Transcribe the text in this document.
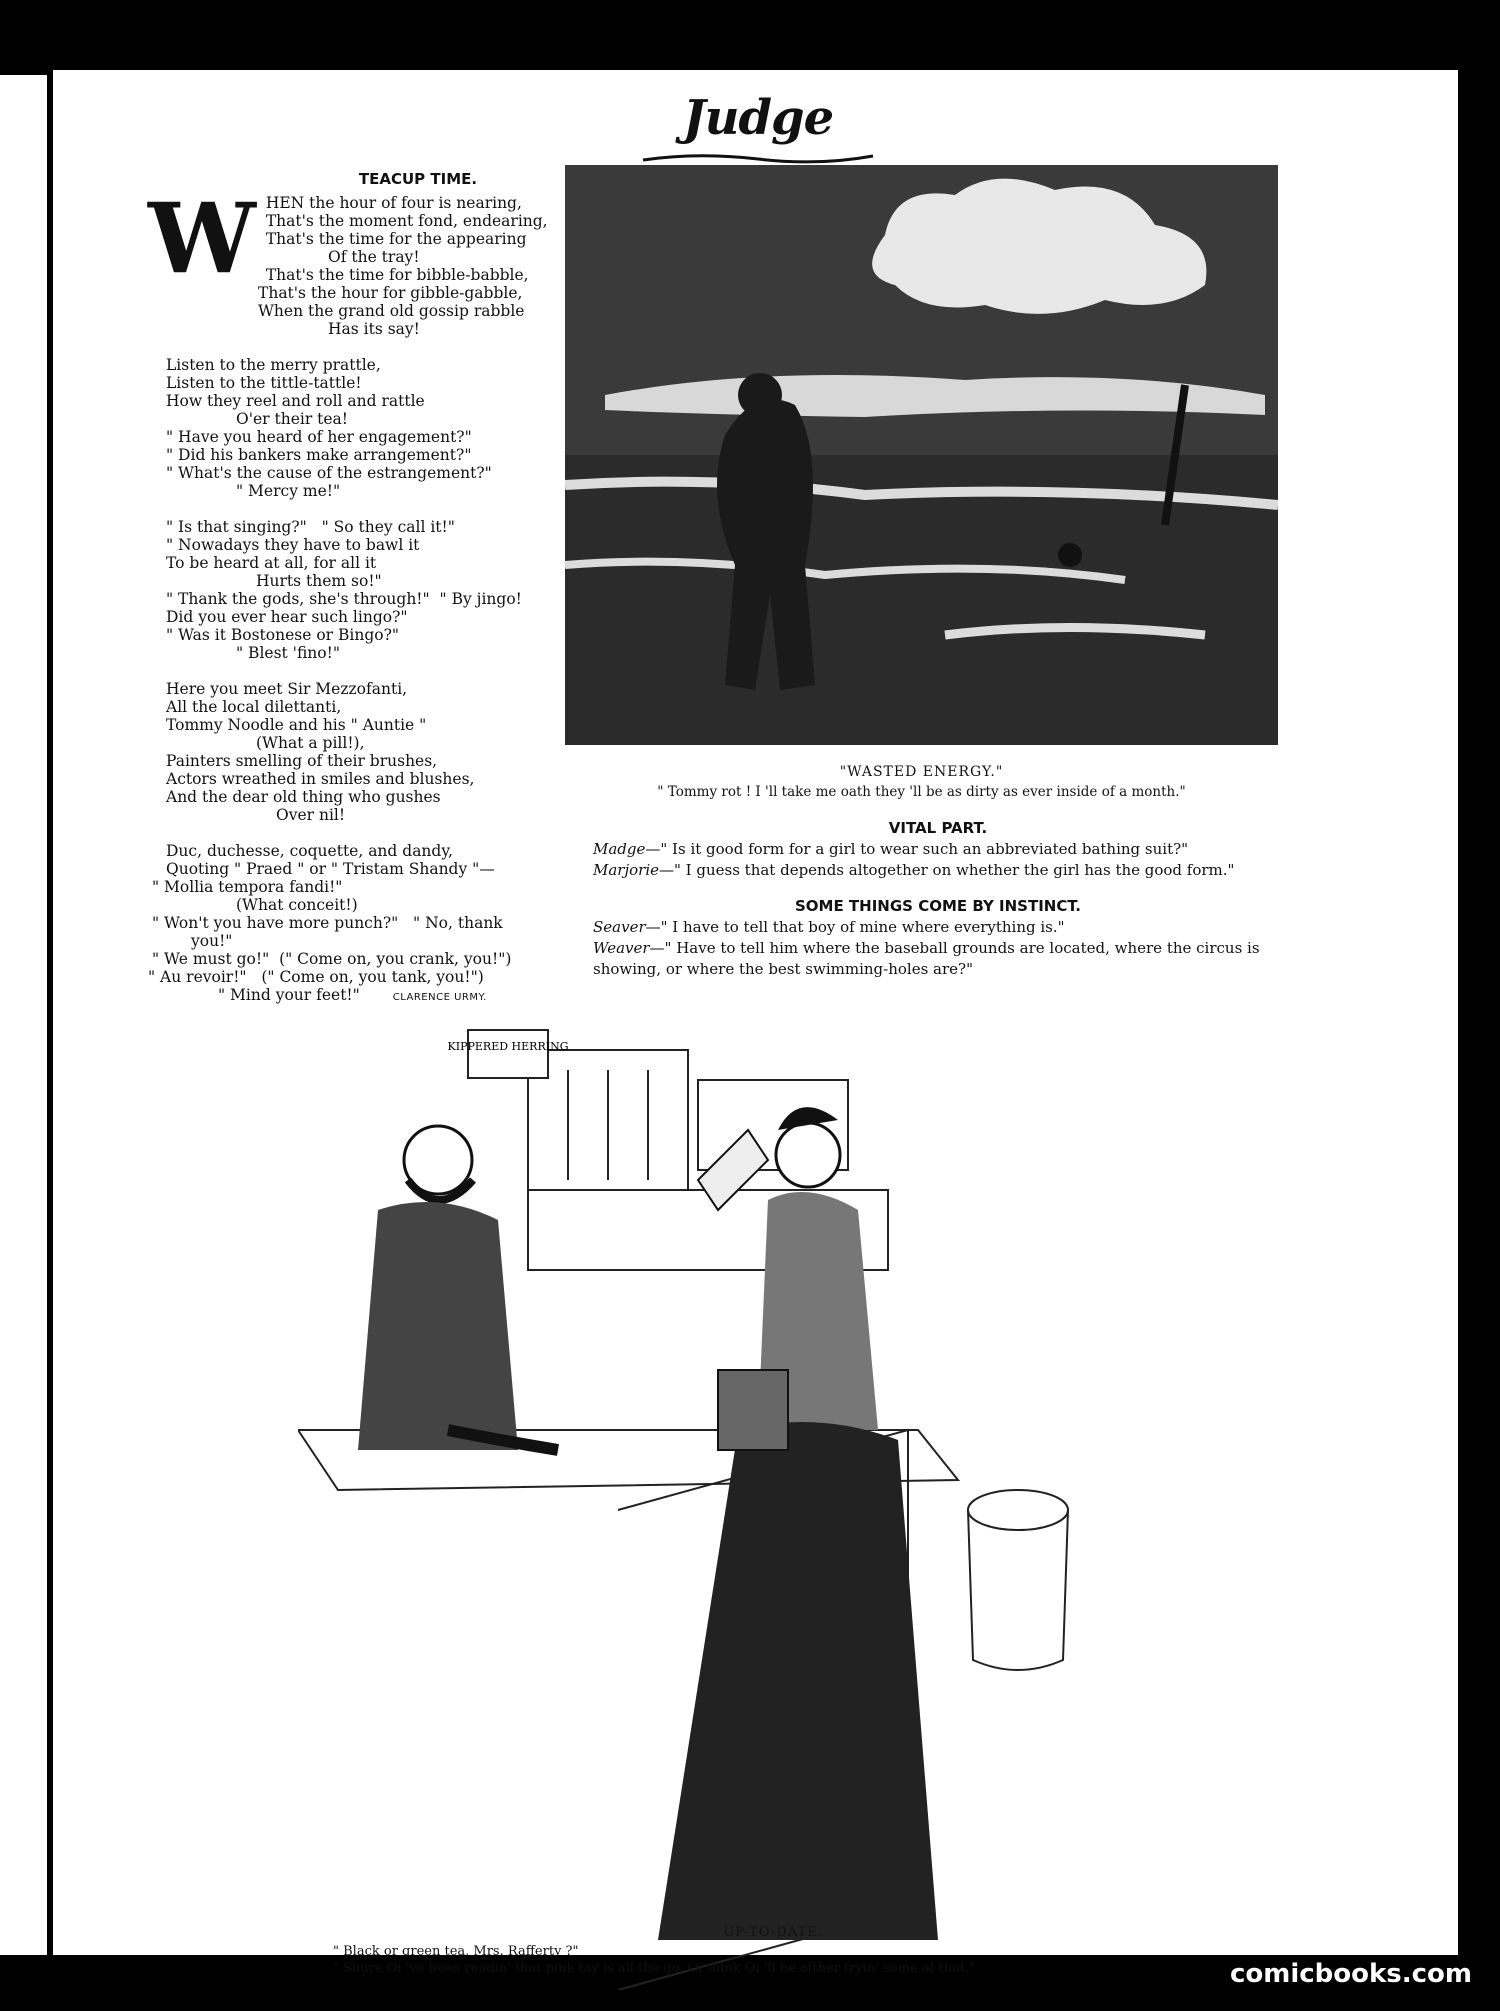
Judge
TEACUP TIME.
W HEN the hour of four is nearing,
That's the moment fond, endearing,
That's the time for the appearing
Of the tray!
That's the time for bibble-babble,
That's the hour for gibble-gabble,
When the grand old gossip rabble
Has its say!
Listen to the merry prattle,
Listen to the tittle-tattle!
How they reel and roll and rattle
O'er their tea!
" Have you heard of her engagement?"
" Did his bankers make arrangement?"
" What's the cause of the estrangement?"
" Mercy me!"
" Is that singing?"   " So they call it!"
" Nowadays they have to bawl it
To be heard at all, for all it
Hurts them so!"
" Thank the gods, she's through!"  " By jingo!
Did you ever hear such lingo?"
" Was it Bostonese or Bingo?"
" Blest 'fino!"
Here you meet Sir Mezzofanti,
All the local dilettanti,
Tommy Noodle and his " Auntie "
(What a pill!),
Painters smelling of their brushes,
Actors wreathed in smiles and blushes,
And the dear old thing who gushes
Over nil!
Duc, duchesse, coquette, and dandy,
Quoting " Praed " or " Tristam Shandy "—
" Mollia tempora fandi!"
(What conceit!)
" Won't you have more punch?"   " No, thank
you!"
" We must go!"  (" Come on, you crank, you!")
" Au revoir!"   (" Come on, you tank, you!")
" Mind your feet!"	CLARENCE URMY.
"WASTED ENERGY."
" Tommy rot ! I 'll take me oath they 'll be as dirty as ever inside of a month."
VITAL PART.
Madge—" Is it good form for a girl to wear such an abbreviated bathing suit?"
Marjorie—" I guess that depends altogether on whether the girl has the good form."
SOME THINGS COME BY INSTINCT.
Seaver—" I have to tell that boy of mine where everything is."
Weaver—" Have to tell him where the baseball grounds are located, where the circus is showing, or where the best swimming-holes are?"
KIPPERED HERRING
UP-TO-DATE.
" Black or green tea, Mrs. Rafferty ?"
" Shure Oi 've been readin' that pink tay is all the go. Oi think Oi 'll be afther tryin' some of that."	comicbooks.com
